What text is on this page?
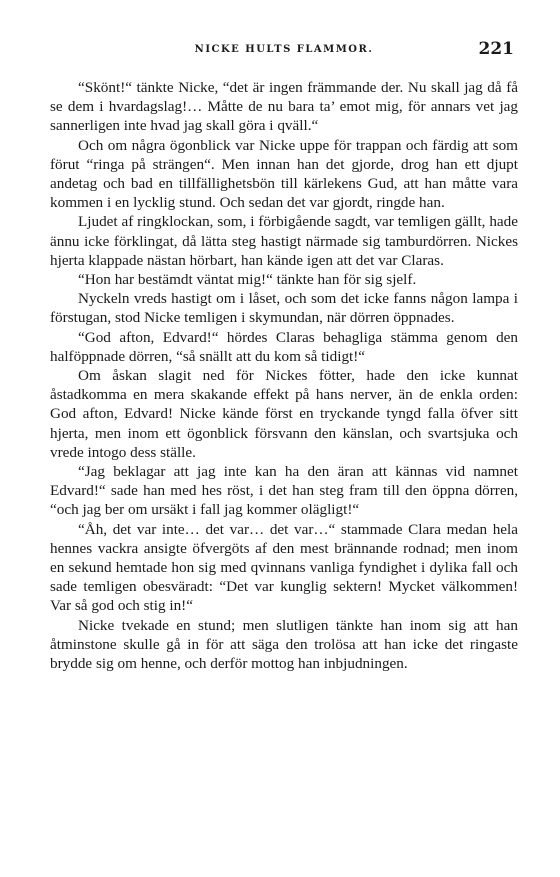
NICKE HULTS FLAMMOR.	221

“Skönt!“ tänkte Nicke, “det är ingen främmande der. Nu skall jag då få se dem i hvardagslag!… Måtte de nu bara ta’ emot mig, för annars vet jag sannerligen inte hvad jag skall göra i qväll.“

Och om några ögonblick var Nicke uppe för trappan och färdig att som förut “ringa på strängen“. Men innan han det gjorde, drog han ett djupt andetag och bad en tillfällighetsbön till kärlekens Gud, att han måtte vara kommen i en lycklig stund. Och sedan det var gjordt, ringde han.

Ljudet af ringklockan, som, i förbigående sagdt, var temligen gällt, hade ännu icke förklingat, då lätta steg hastigt närmade sig tamburdörren. Nickes hjerta klappade nästan hörbart, han kände igen att det var Claras.

“Hon har bestämdt väntat mig!“ tänkte han för sig sjelf.

Nyckeln vreds hastigt om i låset, och som det icke fanns någon lampa i förstugan, stod Nicke temligen i skymundan, när dörren öppnades.

“God afton, Edvard!“ hördes Claras behagliga stämma genom den halföppnade dörren, “så snällt att du kom så tidigt!“

Om åskan slagit ned för Nickes fötter, hade den icke kunnat åstadkomma en mera skakande effekt på hans nerver, än de enkla orden: God afton, Edvard! Nicke kände först en tryckande tyngd falla öfver sitt hjerta, men inom ett ögonblick försvann den känslan, och svartsjuka och vrede intogo dess ställe.

“Jag beklagar att jag inte kan ha den äran att kännas vid namnet Edvard!“ sade han med hes röst, i det han steg fram till den öppna dörren, “och jag ber om ursäkt i fall jag kommer olägligt!“

“Åh, det var inte… det var… det var…“ stammade Clara medan hela hennes vackra ansigte öfvergöts af den mest brännande rodnad; men inom en sekund hemtade hon sig med qvinnans vanliga fyndighet i dylika fall och sade temligen obesväradt: “Det var kunglig sektern! Mycket välkommen! Var så god och stig in!“

Nicke tvekade en stund; men slutligen tänkte han inom sig att han åtminstone skulle gå in för att säga den trolösa att han icke det ringaste brydde sig om henne, och derför mottog han inbjudningen.
